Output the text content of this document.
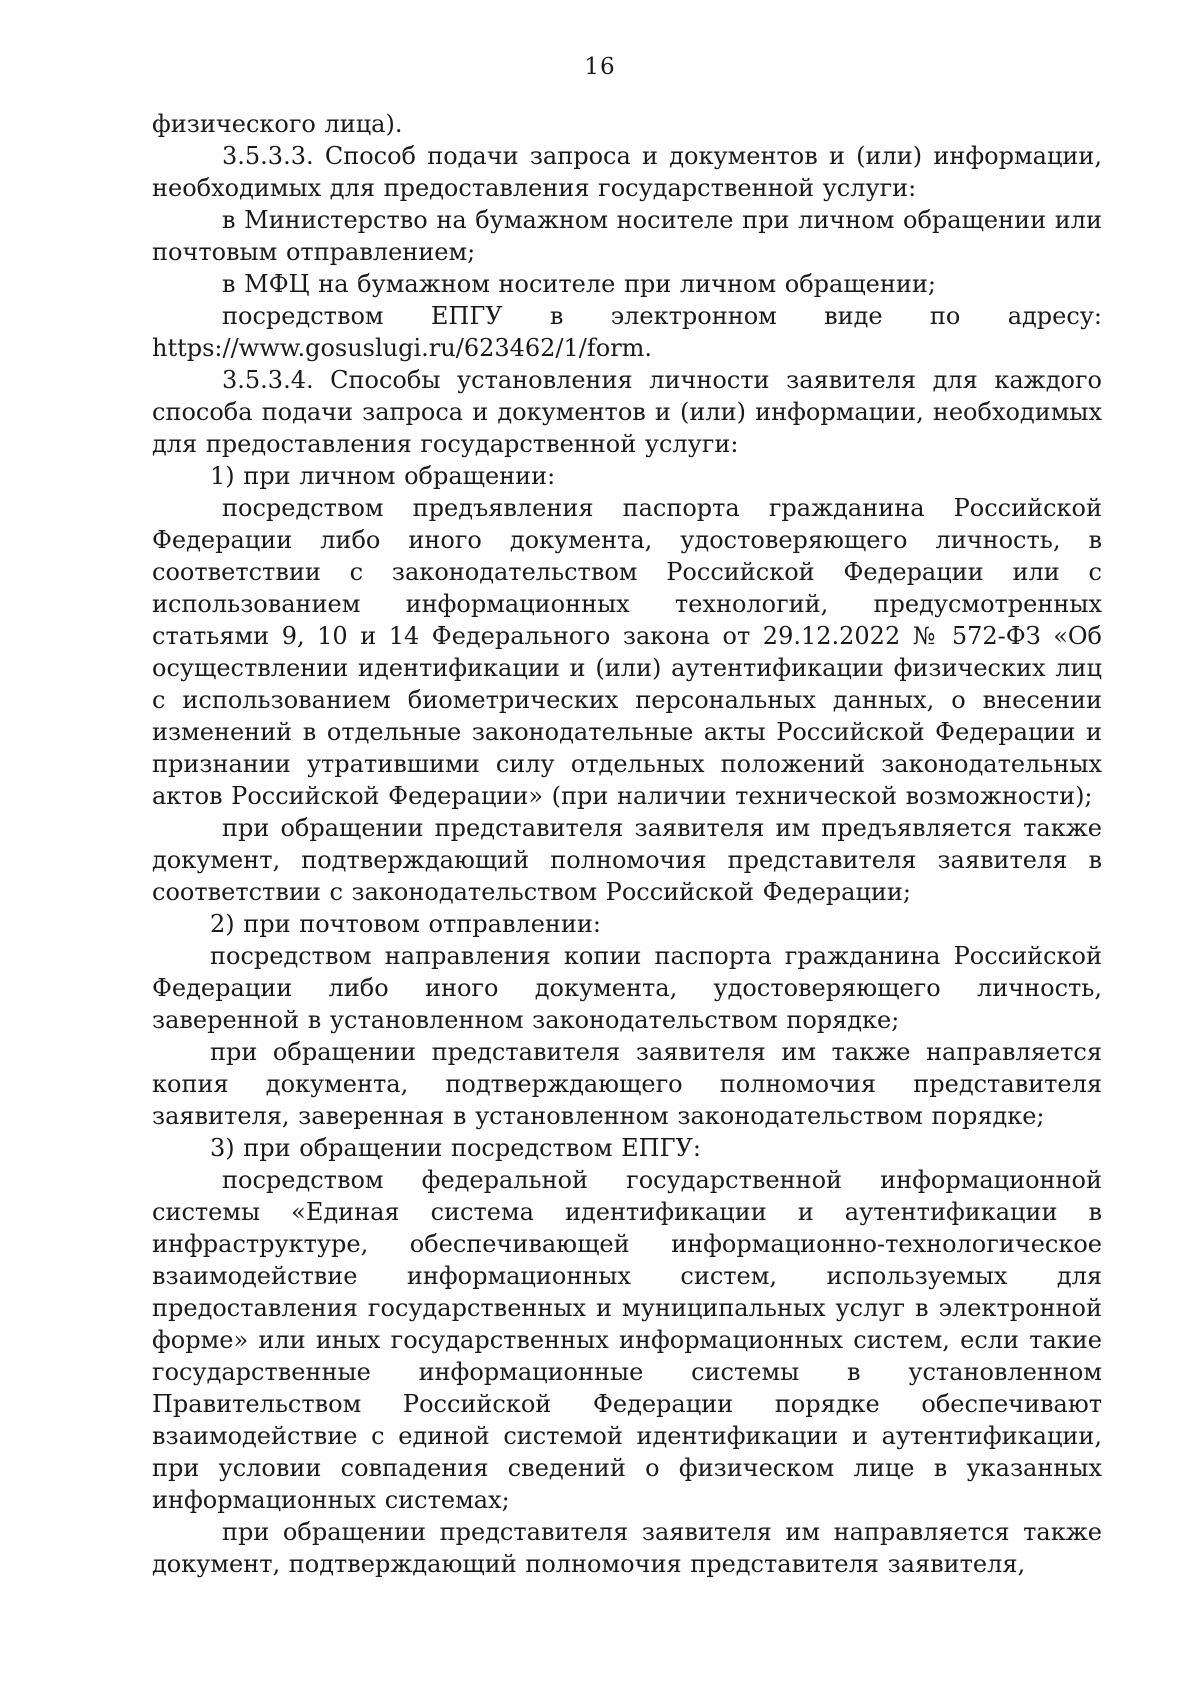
16

физического лица).

3.5.3.3. Способ подачи запроса и документов и (или) информации, необходимых для предоставления государственной услуги:

в Министерство на бумажном носителе при личном обращении или почтовым отправлением;

в МФЦ на бумажном носителе при личном обращении;

посредством ЕПГУ в электронном виде по адресу: https://www.gosuslugi.ru/623462/1/form.

3.5.3.4. Способы установления личности заявителя для каждого способа подачи запроса и документов и (или) информации, необходимых для предоставления государственной услуги:

1) при личном обращении:

посредством предъявления паспорта гражданина Российской Федерации либо иного документа, удостоверяющего личность, в соответствии с законодательством Российской Федерации или с использованием информационных технологий, предусмотренных статьями 9, 10 и 14 Федерального закона от 29.12.2022 № 572-ФЗ «Об осуществлении идентификации и (или) аутентификации физических лиц с использованием биометрических персональных данных, о внесении изменений в отдельные законодательные акты Российской Федерации и признании утратившими силу отдельных положений законодательных актов Российской Федерации» (при наличии технической возможности);

при обращении представителя заявителя им предъявляется также документ, подтверждающий полномочия представителя заявителя в соответствии с законодательством Российской Федерации;

2) при почтовом отправлении:

посредством направления копии паспорта гражданина Российской Федерации либо иного документа, удостоверяющего личность, заверенной в установленном законодательством порядке;

при обращении представителя заявителя им также направляется копия документа, подтверждающего полномочия представителя заявителя, заверенная в установленном законодательством порядке;

3) при обращении посредством ЕПГУ:

посредством федеральной государственной информационной системы «Единая система идентификации и аутентификации в инфраструктуре, обеспечивающей информационно-технологическое взаимодействие информационных систем, используемых для предоставления государственных и муниципальных услуг в электронной форме» или иных государственных информационных систем, если такие государственные информационные системы в установленном Правительством Российской Федерации порядке обеспечивают взаимодействие с единой системой идентификации и аутентификации, при условии совпадения сведений о физическом лице в указанных информационных системах;

при обращении представителя заявителя им направляется также документ, подтверждающий полномочия представителя заявителя,
